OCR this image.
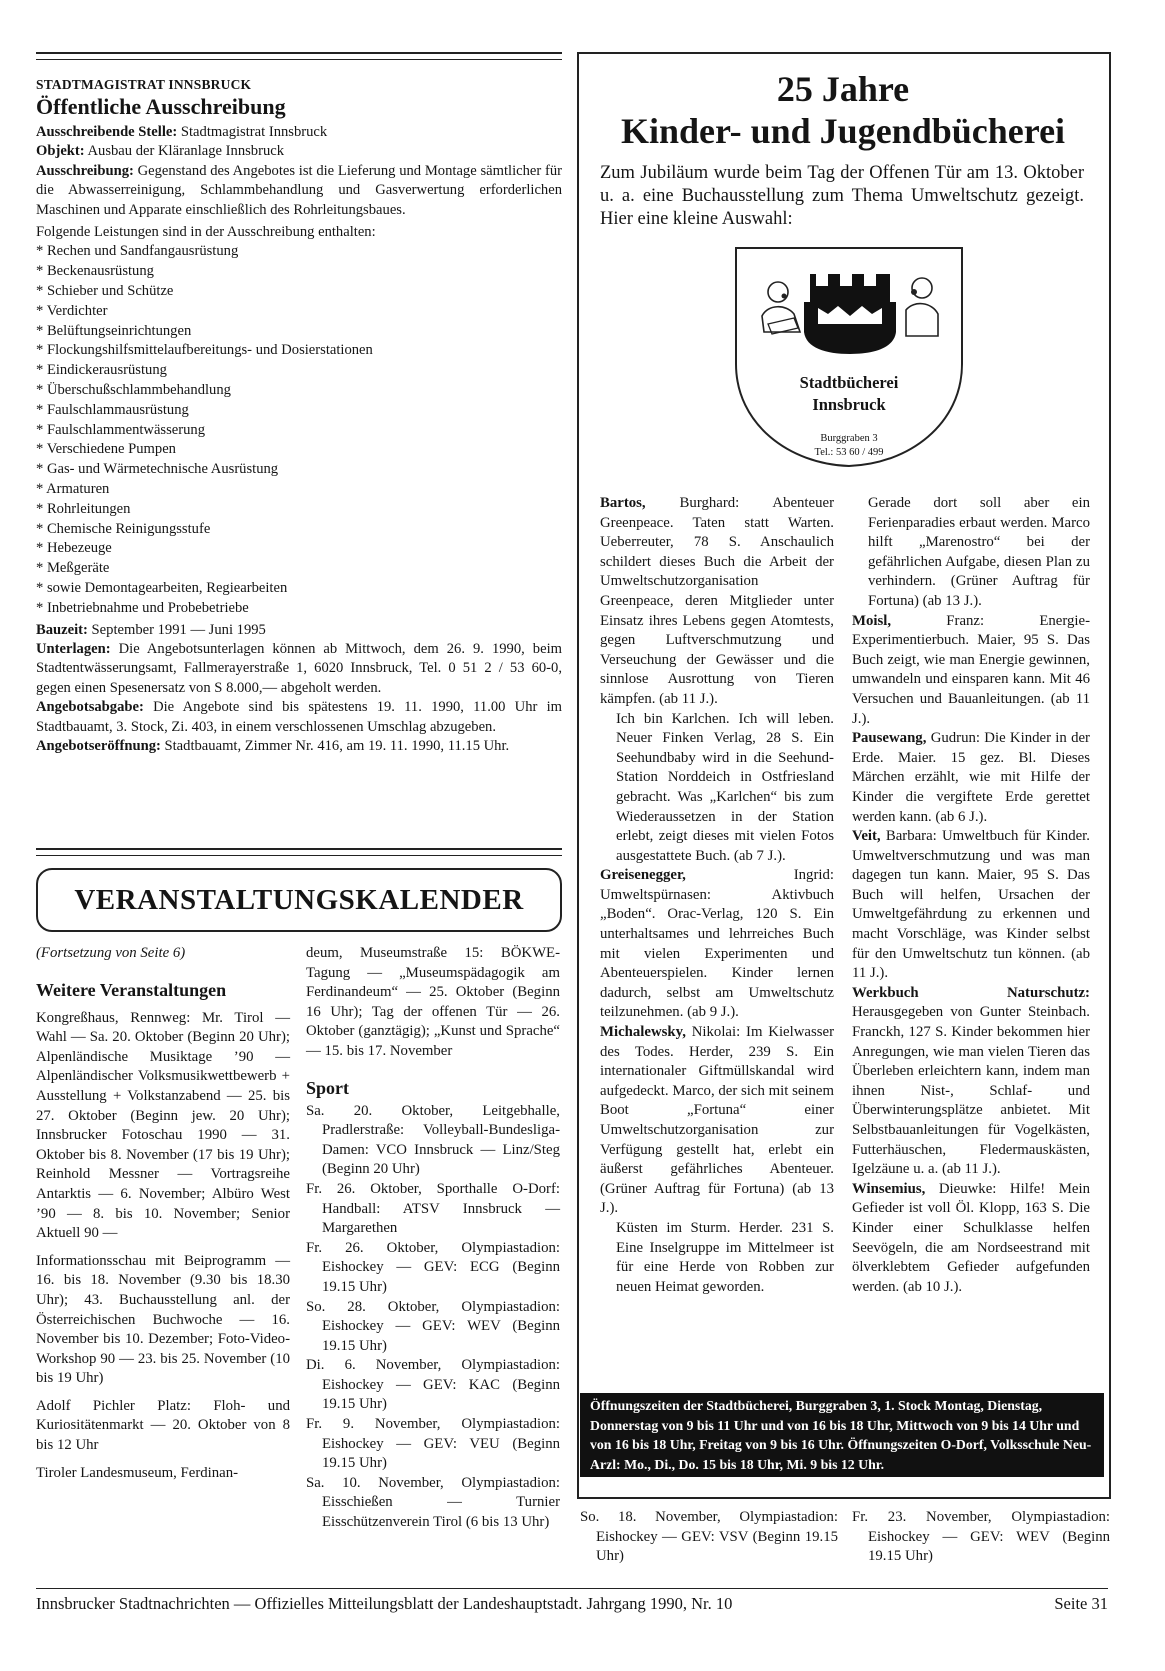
STADTMAGISTRAT INNSBRUCK

Öffentliche Ausschreibung

Ausschreibende Stelle: Stadtmagistrat Innsbruck

Objekt: Ausbau der Kläranlage Innsbruck

Ausschreibung: Gegenstand des Angebotes ist die Lieferung und Montage sämtlicher für die Abwasserreinigung, Schlammbehandlung und Gasverwertung erforderlichen Maschinen und Apparate einschließlich des Rohrleitungsbaues.

Folgende Leistungen sind in der Ausschreibung enthalten:

* Rechen und Sandfangausrüstung
* Beckenausrüstung
* Schieber und Schütze
* Verdichter
* Belüftungseinrichtungen
* Flockungshilfsmittelaufbereitungs- und Dosierstationen
* Eindickerausrüstung
* Überschußschlammbehandlung
* Faulschlammausrüstung
* Faulschlammentwässerung
* Verschiedene Pumpen
* Gas- und Wärmetechnische Ausrüstung
* Armaturen
* Rohrleitungen
* Chemische Reinigungsstufe
* Hebezeuge
* Meßgeräte
* sowie Demontagearbeiten, Regiearbeiten
* Inbetriebnahme und Probebetriebe

Bauzeit: September 1991 — Juni 1995

Unterlagen: Die Angebotsunterlagen können ab Mittwoch, dem 26. 9. 1990, beim Stadtentwässerungsamt, Fallmerayerstraße 1, 6020 Innsbruck, Tel. 0 51 2 / 53 60-0, gegen einen Spesenersatz von S 8.000,— abgeholt werden.

Angebotsabgabe: Die Angebote sind bis spätestens 19. 11. 1990, 11.00 Uhr im Stadtbauamt, 3. Stock, Zi. 403, in einem verschlossenen Umschlag abzugeben.

Angebotseröffnung: Stadtbauamt, Zimmer Nr. 416, am 19. 11. 1990, 11.15 Uhr.

VERANSTALTUNGSKALENDER

(Fortsetzung von Seite 6)

Weitere Veranstaltungen

Kongreßhaus, Rennweg: Mr. Tirol — Wahl — Sa. 20. Oktober (Beginn 20 Uhr); Alpenländische Musiktage ’90 — Alpenländischer Volksmusikwettbewerb + Ausstellung + Volkstanzabend — 25. bis 27. Oktober (Beginn jew. 20 Uhr); Innsbrucker Fotoschau 1990 — 31. Oktober bis 8. November (17 bis 19 Uhr); Reinhold Messner — Vortragsreihe Antarktis — 6. November; Albüro West ’90 — 8. bis 10. November; Senior Aktuell 90 —

Informationsschau mit Beiprogramm — 16. bis 18. November (9.30 bis 18.30 Uhr); 43. Buchausstellung anl. der Österreichischen Buchwoche — 16. November bis 10. Dezember; Foto-Video-Workshop 90 — 23. bis 25. November (10 bis 19 Uhr)

Adolf Pichler Platz: Floh- und Kuriositätenmarkt — 20. Oktober von 8 bis 12 Uhr

Tiroler Landesmuseum, Ferdinan-

deum, Museumstraße 15: BÖKWE-Tagung — „Museumspädagogik am Ferdinandeum“ — 25. Oktober (Beginn 16 Uhr); Tag der offenen Tür — 26. Oktober (ganztägig); „Kunst und Sprache“ — 15. bis 17. November

Sport

Sa. 20. Oktober, Leitgebhalle, Pradlerstraße: Volleyball-Bundesliga-Damen: VCO Innsbruck — Linz/Steg (Beginn 20 Uhr)

Fr. 26. Oktober, Sporthalle O-Dorf: Handball: ATSV Innsbruck — Margarethen

Fr. 26. Oktober, Olympiastadion: Eishockey — GEV: ECG (Beginn 19.15 Uhr)

So. 28. Oktober, Olympiastadion: Eishockey — GEV: WEV (Beginn 19.15 Uhr)

Di. 6. November, Olympiastadion: Eishockey — GEV: KAC (Beginn 19.15 Uhr)

Fr. 9. November, Olympiastadion: Eishockey — GEV: VEU (Beginn 19.15 Uhr)

Sa. 10. November, Olympiastadion: Eisschießen — Turnier Eisschützenverein Tirol (6 bis 13 Uhr)	So. 18. November, Olympiastadion: Eishockey — GEV: VSV (Beginn 19.15 Uhr)

Fr. 23. November, Olympiastadion: Eishockey — GEV: WEV (Beginn 19.15 Uhr)

25 Jahre

Kinder- und Jugendbücherei

Zum Jubiläum wurde beim Tag der Offenen Tür am 13. Oktober u. a. eine Buchausstellung zum Thema Umweltschutz gezeigt. Hier eine kleine Auswahl:

Stadtbücherei

Innsbruck

Burggraben 3

Tel.: 53 60 / 499

Bartos, Burghard: Abenteuer Greenpeace. Taten statt Warten. Ueberreuter, 78 S. Anschaulich schildert dieses Buch die Arbeit der Umweltschutzorganisation Greenpeace, deren Mitglieder unter Einsatz ihres Lebens gegen Atomtests, gegen Luftverschmutzung und Verseuchung der Gewässer und die sinnlose Ausrottung von Tieren kämpfen. (ab 11 J.).

Ich bin Karlchen. Ich will leben. Neuer Finken Verlag, 28 S. Ein Seehundbaby wird in die Seehund-Station Norddeich in Ostfriesland gebracht. Was „Karlchen“ bis zum Wiederaussetzen in der Station erlebt, zeigt dieses mit vielen Fotos ausgestattete Buch. (ab 7 J.).

Greisenegger,	Ingrid: Umweltspürnasen: Aktivbuch „Boden“. Orac-Verlag, 120 S. Ein unterhaltsames und lehrreiches Buch mit vielen Experimenten und Abenteuerspielen. Kinder lernen dadurch, selbst am Umweltschutz teilzunehmen. (ab 9 J.).

Michalewsky, Nikolai: Im Kielwasser des Todes. Herder, 239 S. Ein internationaler Giftmüllskandal wird aufgedeckt. Marco, der sich mit seinem Boot „Fortuna“ einer Umweltschutzorganisation zur Verfügung gestellt hat, erlebt ein äußerst gefährliches Abenteuer. (Grüner Auftrag für Fortuna) (ab 13 J.).

Küsten im Sturm. Herder. 231 S. Eine Inselgruppe im Mittelmeer ist für eine Herde von Robben zur neuen Heimat geworden.

Gerade dort soll aber ein Ferienparadies erbaut werden. Marco hilft „Marenostro“ bei der gefährlichen Aufgabe, diesen Plan zu verhindern. (Grüner Auftrag für Fortuna) (ab 13 J.).

Moisl,	Franz: Energie-Experimentierbuch. Maier, 95 S. Das Buch zeigt, wie man Energie gewinnen, umwandeln und einsparen kann. Mit 46 Versuchen und Bauanleitungen. (ab 11 J.).

Pausewang, Gudrun: Die Kinder in der Erde. Maier. 15 gez. Bl. Dieses Märchen erzählt, wie mit Hilfe der Kinder die vergiftete Erde gerettet werden kann. (ab 6 J.).

Veit, Barbara: Umweltbuch für Kinder. Umweltverschmutzung und was man dagegen tun kann. Maier, 95 S. Das Buch will helfen, Ursachen der Umweltgefährdung zu erkennen und macht Vorschläge, was Kinder selbst für den Umweltschutz tun können. (ab 11 J.).

Werkbuch Naturschutz: Herausgegeben von Gunter Steinbach. Franckh, 127 S. Kinder bekommen hier Anregungen, wie man vielen Tieren das Überleben erleichtern kann, indem man ihnen Nist-, Schlaf- und Überwinterungsplätze anbietet. Mit Selbstbauanleitungen für Vogelkästen, Futterhäuschen, Fledermauskästen, Igelzäune u. a. (ab 11 J.).

Winsemius, Dieuwke: Hilfe! Mein Gefieder ist voll Öl. Klopp, 163 S. Die Kinder einer Schulklasse helfen Seevögeln, die am Nordseestrand mit ölverklebtem Gefieder aufgefunden werden. (ab 10 J.).

Öffnungszeiten der Stadtbücherei, Burggraben 3, 1. Stock Montag, Dienstag, Donnerstag von 9 bis 11 Uhr und von 16 bis 18 Uhr, Mittwoch von 9 bis 14 Uhr und von 16 bis 18 Uhr, Freitag von 9 bis 16 Uhr. Öffnungszeiten O-Dorf, Volksschule Neu-Arzl: Mo., Di., Do. 15 bis 18 Uhr, Mi. 9 bis 12 Uhr.

Innsbrucker Stadtnachrichten — Offizielles Mitteilungsblatt der Landeshauptstadt. Jahrgang 1990, Nr. 10	Seite 31
